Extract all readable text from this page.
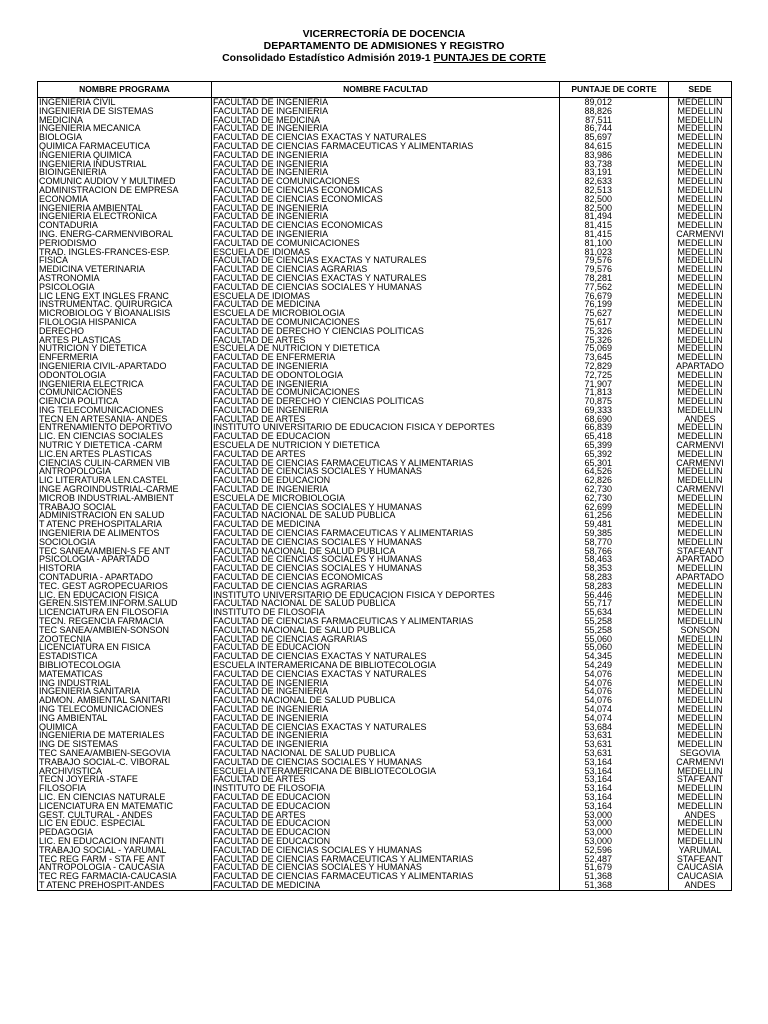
VICERRECTORÍA DE DOCENCIA
DEPARTAMENTO DE ADMISIONES Y REGISTRO
Consolidado Estadístico Admisión 2019-1 PUNTAJES DE CORTE
NOMBRE PROGRAMA	NOMBRE FACULTAD	PUNTAJE DE CORTE	SEDE
INGENIERIA CIVIL	FACULTAD DE INGENIERIA	89,012	MEDELLIN
INGENIERIA DE SISTEMAS	FACULTAD DE INGENIERIA	88,826	MEDELLIN
MEDICINA	FACULTAD DE MEDICINA	87,511	MEDELLIN
INGENIERIA MECANICA	FACULTAD DE INGENIERIA	86,744	MEDELLIN
BIOLOGIA	FACULTAD DE CIENCIAS EXACTAS Y NATURALES	85,697	MEDELLIN
QUIMICA FARMACEUTICA	FACULTAD DE CIENCIAS FARMACEUTICAS Y ALIMENTARIAS	84,615	MEDELLIN
INGENIERIA QUIMICA	FACULTAD DE INGENIERIA	83,986	MEDELLIN
INGENIERIA INDUSTRIAL	FACULTAD DE INGENIERIA	83,738	MEDELLIN
BIOINGENIERIA	FACULTAD DE INGENIERIA	83,191	MEDELLIN
COMUNIC AUDIOV Y MULTIMED	FACULTAD DE COMUNICACIONES	82,633	MEDELLIN
ADMINISTRACION DE EMPRESA	FACULTAD DE CIENCIAS ECONOMICAS	82,513	MEDELLIN
ECONOMIA	FACULTAD DE CIENCIAS ECONOMICAS	82,500	MEDELLIN
INGENIERIA AMBIENTAL	FACULTAD DE INGENIERIA	82,500	MEDELLIN
INGENIERIA ELECTRONICA	FACULTAD DE INGENIERIA	81,494	MEDELLIN
CONTADURIA	FACULTAD DE CIENCIAS ECONOMICAS	81,415	MEDELLIN
ING. ENERG-CARMENVIBORAL	FACULTAD DE INGENIERIA	81,415	CARMENVI
PERIODISMO	FACULTAD DE COMUNICACIONES	81,100	MEDELLIN
TRAD. INGLES-FRANCES-ESP.	ESCUELA DE IDIOMAS	81,023	MEDELLIN
FISICA	FACULTAD DE CIENCIAS EXACTAS Y NATURALES	79,576	MEDELLIN
MEDICINA VETERINARIA	FACULTAD DE CIENCIAS AGRARIAS	79,576	MEDELLIN
ASTRONOMIA	FACULTAD DE CIENCIAS EXACTAS Y NATURALES	78,281	MEDELLIN
PSICOLOGIA	FACULTAD DE CIENCIAS SOCIALES Y HUMANAS	77,562	MEDELLIN
LIC LENG EXT INGLES FRANC	ESCUELA DE IDIOMAS	76,679	MEDELLIN
INSTRUMENTAC. QUIRURGICA	FACULTAD DE MEDICINA	76,199	MEDELLIN
MICROBIOLOG Y BIOANALISIS	ESCUELA DE MICROBIOLOGIA	75,627	MEDELLIN
FILOLOGIA HISPANICA	FACULTAD DE COMUNICACIONES	75,617	MEDELLIN
DERECHO	FACULTAD DE DERECHO Y CIENCIAS POLITICAS	75,326	MEDELLIN
ARTES PLASTICAS	FACULTAD DE ARTES	75,326	MEDELLIN
NUTRICION Y DIETETICA	ESCUELA DE NUTRICION Y DIETETICA	75,069	MEDELLIN
ENFERMERIA	FACULTAD DE ENFERMERIA	73,645	MEDELLIN
INGENIERIA CIVIL-APARTADO	FACULTAD DE INGENIERIA	72,829	APARTADO
ODONTOLOGIA	FACULTAD DE ODONTOLOGIA	72,725	MEDELLIN
INGENIERIA ELECTRICA	FACULTAD DE INGENIERIA	71,907	MEDELLIN
COMUNICACIONES	FACULTAD DE COMUNICACIONES	71,813	MEDELLIN
CIENCIA POLITICA	FACULTAD DE DERECHO Y CIENCIAS POLITICAS	70,875	MEDELLIN
ING TELECOMUNICACIONES	FACULTAD DE INGENIERIA	69,333	MEDELLIN
TECN EN ARTESANIA- ANDES	FACULTAD DE ARTES	68,690	ANDES
ENTRENAMIENTO DEPORTIVO	INSTITUTO UNIVERSITARIO DE EDUCACION FISICA Y DEPORTES	66,839	MEDELLIN
LIC. EN CIENCIAS SOCIALES	FACULTAD DE EDUCACION	65,418	MEDELLIN
NUTRIC Y DIETETICA -CARM	ESCUELA DE NUTRICION Y DIETETICA	65,399	CARMENVI
LIC.EN ARTES PLASTICAS	FACULTAD DE ARTES	65,392	MEDELLIN
CIENCIAS CULIN-CARMEN VIB	FACULTAD DE CIENCIAS FARMACEUTICAS Y ALIMENTARIAS	65,301	CARMENVI
ANTROPOLOGIA	FACULTAD DE CIENCIAS SOCIALES Y HUMANAS	64,526	MEDELLIN
LIC LITERATURA LEN.CASTEL	FACULTAD DE EDUCACION	62,826	MEDELLIN
INGE AGROINDUSTRIAL-CARME	FACULTAD DE INGENIERIA	62,730	CARMENVI
MICROB INDUSTRIAL-AMBIENT	ESCUELA DE MICROBIOLOGIA	62,730	MEDELLIN
TRABAJO SOCIAL	FACULTAD DE CIENCIAS SOCIALES Y HUMANAS	62,699	MEDELLIN
ADMINISTRACION EN SALUD	FACULTAD NACIONAL DE SALUD PUBLICA	61,256	MEDELLIN
T ATENC PREHOSPITALARIA	FACULTAD DE MEDICINA	59,481	MEDELLIN
INGENIERIA DE ALIMENTOS	FACULTAD DE CIENCIAS FARMACEUTICAS Y ALIMENTARIAS	59,385	MEDELLIN
SOCIOLOGIA	FACULTAD DE CIENCIAS SOCIALES Y HUMANAS	58,770	MEDELLIN
TEC SANEA/AMBIEN-S FE ANT	FACULTAD NACIONAL DE SALUD PUBLICA	58,766	STAFEANT
PSICOLOGIA - APARTADO	FACULTAD DE CIENCIAS SOCIALES Y HUMANAS	58,463	APARTADO
HISTORIA	FACULTAD DE CIENCIAS SOCIALES Y HUMANAS	58,353	MEDELLIN
CONTADURIA - APARTADO	FACULTAD DE CIENCIAS ECONOMICAS	58,283	APARTADO
TEC. GEST AGROPECUARIOS	FACULTAD DE CIENCIAS AGRARIAS	58,283	MEDELLIN
LIC. EN EDUCACION FISICA	INSTITUTO UNIVERSITARIO DE EDUCACION FISICA Y DEPORTES	56,446	MEDELLIN
GEREN.SISTEM.INFORM.SALUD	FACULTAD NACIONAL DE SALUD PUBLICA	55,717	MEDELLIN
LICENCIATURA EN FILOSOFIA	INSTITUTO DE FILOSOFIA	55,634	MEDELLIN
TECN. REGENCIA FARMACIA	FACULTAD DE CIENCIAS FARMACEUTICAS Y ALIMENTARIAS	55,258	MEDELLIN
TEC SANEA/AMBIEN-SONSON	FACULTAD NACIONAL DE SALUD PUBLICA	55,258	SONSON
ZOOTECNIA	FACULTAD DE CIENCIAS AGRARIAS	55,060	MEDELLIN
LICENCIATURA EN FISICA	FACULTAD DE EDUCACION	55,060	MEDELLIN
ESTADISTICA	FACULTAD DE CIENCIAS EXACTAS Y NATURALES	54,345	MEDELLIN
BIBLIOTECOLOGIA	ESCUELA INTERAMERICANA DE BIBLIOTECOLOGIA	54,249	MEDELLIN
MATEMATICAS	FACULTAD DE CIENCIAS EXACTAS Y NATURALES	54,076	MEDELLIN
ING INDUSTRIAL	FACULTAD DE INGENIERIA	54,076	MEDELLIN
INGENIERIA SANITARIA	FACULTAD DE INGENIERIA	54,076	MEDELLIN
ADMON. AMBIENTAL SANITARI	FACULTAD NACIONAL DE SALUD PUBLICA	54,076	MEDELLIN
ING TELECOMUNICACIONES	FACULTAD DE INGENIERIA	54,074	MEDELLIN
ING AMBIENTAL	FACULTAD DE INGENIERIA	54,074	MEDELLIN
QUIMICA	FACULTAD DE CIENCIAS EXACTAS Y NATURALES	53,684	MEDELLIN
INGENIERIA DE MATERIALES	FACULTAD DE INGENIERIA	53,631	MEDELLIN
ING DE SISTEMAS	FACULTAD DE INGENIERIA	53,631	MEDELLIN
TEC SANEA/AMBIEN-SEGOVIA	FACULTAD NACIONAL DE SALUD PUBLICA	53,631	SEGOVIA
TRABAJO SOCIAL-C. VIBORAL	FACULTAD DE CIENCIAS SOCIALES Y HUMANAS	53,164	CARMENVI
ARCHIVISTICA	ESCUELA INTERAMERICANA DE BIBLIOTECOLOGIA	53,164	MEDELLIN
TECN JOYERIA -STAFE	FACULTAD DE ARTES	53,164	STAFEANT
FILOSOFIA	INSTITUTO DE FILOSOFIA	53,164	MEDELLIN
LIC. EN CIENCIAS NATURALE	FACULTAD DE EDUCACION	53,164	MEDELLIN
LICENCIATURA EN MATEMATIC	FACULTAD DE EDUCACION	53,164	MEDELLIN
GEST. CULTURAL - ANDES	FACULTAD DE ARTES	53,000	ANDES
LIC EN EDUC. ESPECIAL	FACULTAD DE EDUCACION	53,000	MEDELLIN
PEDAGOGIA	FACULTAD DE EDUCACION	53,000	MEDELLIN
LIC. EN EDUCACION INFANTI	FACULTAD DE EDUCACION	53,000	MEDELLIN
TRABAJO SOCIAL - YARUMAL	FACULTAD DE CIENCIAS SOCIALES Y HUMANAS	52,596	YARUMAL
TEC REG FARM - STA FE ANT	FACULTAD DE CIENCIAS FARMACEUTICAS Y ALIMENTARIAS	52,487	STAFEANT
ANTROPOLOGIA - CAUCASIA	FACULTAD DE CIENCIAS SOCIALES Y HUMANAS	51,679	CAUCASIA
TEC REG FARMACIA-CAUCASIA	FACULTAD DE CIENCIAS FARMACEUTICAS Y ALIMENTARIAS	51,368	CAUCASIA
T ATENC PREHOSPIT-ANDES	FACULTAD DE MEDICINA	51,368	ANDES
